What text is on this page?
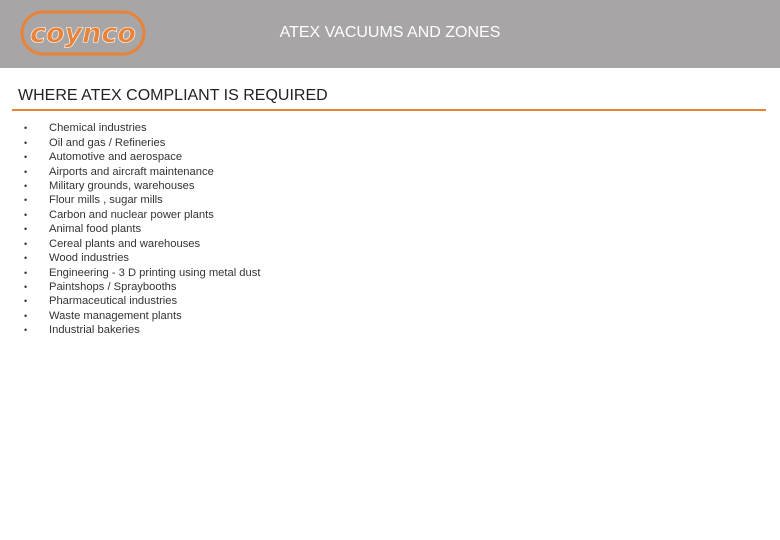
coynco	ATEX VACUUMS AND ZONES
WHERE ATEX COMPLIANT IS REQUIRED
•	Chemical industries
•	Oil and gas / Refineries
•	Automotive and aerospace
•	Airports and aircraft maintenance
•	Military grounds, warehouses
•	Flour mills , sugar mills
•	Carbon and nuclear power plants
•	Animal food plants
•	Cereal plants and warehouses
•	Wood industries
•	Engineering - 3 D printing using metal dust
•	Paintshops / Spraybooths
•	Pharmaceutical industries
•	Waste management plants
•	Industrial bakeries
